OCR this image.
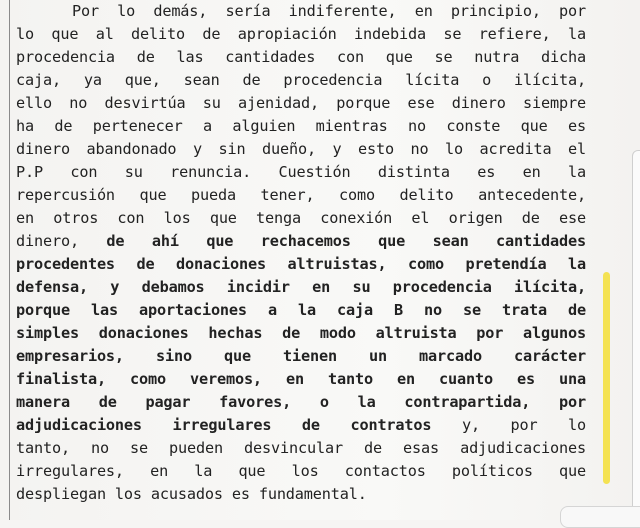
Por lo demás, sería indiferente, en principio, por
lo que al delito de apropiación indebida se refiere, la
procedencia de las cantidades con que se nutra dicha
caja, ya que, sean de procedencia lícita o ilícita,
ello no desvirtúa su ajenidad, porque ese dinero siempre
ha de pertenecer a alguien mientras no conste que es
dinero abandonado y sin dueño, y esto no lo acredita el
P.P con su renuncia. Cuestión distinta es en la
repercusión que pueda tener, como delito antecedente,
en otros con los que tenga conexión el origen de ese
dinero, de ahí que rechacemos que sean cantidades
procedentes de donaciones altruistas, como pretendía la
defensa, y debamos incidir en su procedencia ilícita,
porque las aportaciones a la caja B no se trata de
simples donaciones hechas de modo altruista por algunos
empresarios, sino que tienen un marcado carácter
finalista, como veremos, en tanto en cuanto es una
manera de pagar favores, o la contrapartida, por
adjudicaciones irregulares de contratos y, por lo
tanto, no se pueden desvincular de esas adjudicaciones
irregulares, en la que los contactos políticos que
despliegan los acusados es fundamental.
